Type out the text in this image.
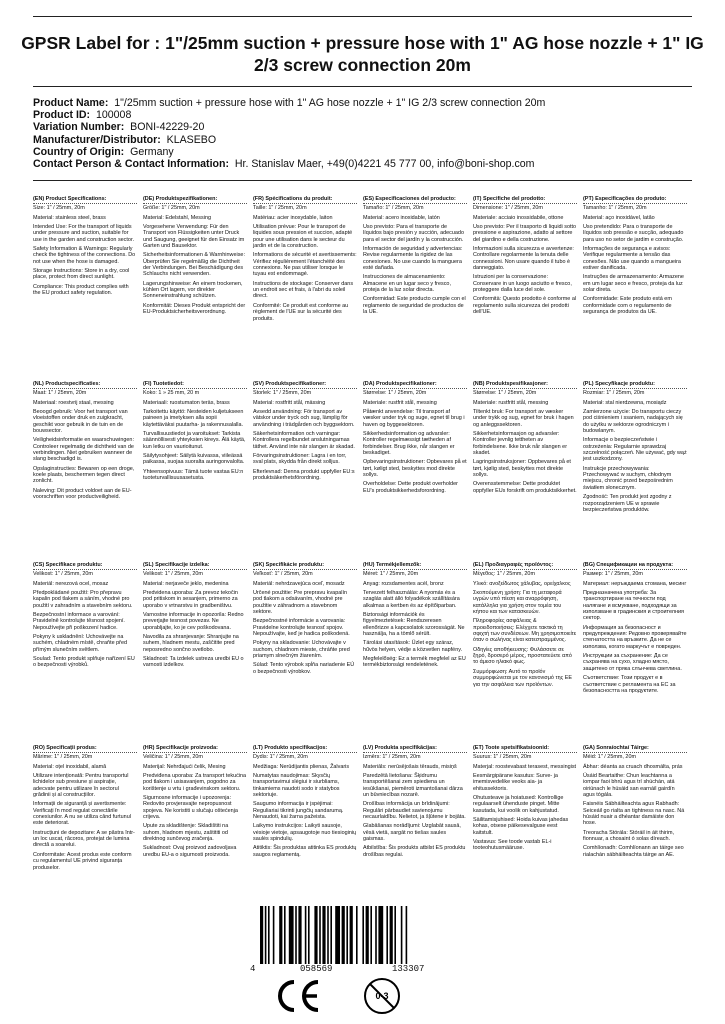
GPSR Label for : 1"/25mm suction + pressure hose with 1" AG hose nozzle + 1" IG 2/3 screw connection 20m
Product Name: 1"/25mm suction + pressure hose with 1" AG hose nozzle + 1" IG 2/3 screw connection 20m
Product ID: 100008
Variation Number: BONI-42229-20
Manufacturer/Distributor: KLASEBO
Country of Origin: Germany
Contact Person & Contact Information: Hr. Stanislav Maer, +49(0)4221 45 777 00, info@boni-shop.com
(EN) Product Specifications:

Size: 1" / 25mm, 20m

Material: stainless steel, brass

Intended Use: For the transport of liquids under pressure and suction, suitable for use in the garden and construction sector.

Safety Information & Warnings: Regularly check the tightness of the connections. Do not use when the hose is damaged.

Storage Instructions: Store in a dry, cool place, protect from direct sunlight.

Compliance: This product complies with the EU product safety regulation.

(DE) Produktspezifikationen:

Größe: 1" / 25mm, 20m

Material: Edelstahl, Messing

Vorgesehene Verwendung: Für den Transport von Flüssigkeiten unter Druck und Saugung, geeignet für den Einsatz im Garten und Bausektor.

Sicherheitsinformationen & Warnhinweise: Überprüfen Sie regelmäßig die Dichtheit der Verbindungen. Bei Beschädigung des Schlauchs nicht verwenden.

Lagerungshinweise: An einem trockenen, kühlen Ort lagern, vor direkter Sonneneinstrahlung schützen.

Konformität: Dieses Produkt entspricht der EU-Produktsicherheitsverordnung.

(FR) Spécifications du produit:

Taille: 1" / 25mm, 20m

Matériau: acier inoxydable, laiton

Utilisation prévue: Pour le transport de liquides sous pression et succion, adapté pour une utilisation dans le secteur du jardin et de la construction.

Informations de sécurité et avertissements: Vérifiez régulièrement l'étanchéité des connexions. Ne pas utiliser lorsque le tuyau est endommagé.

Instructions de stockage: Conserver dans un endroit sec et frais, à l'abri du soleil direct.

Conformité: Ce produit est conforme au règlement de l'UE sur la sécurité des produits.

(ES) Especificaciones del producto:

Tamaño: 1" / 25mm, 20m

Material: acero inoxidable, latón

Uso previsto: Para el transporte de líquidos bajo presión y succión, adecuado para el sector del jardín y la construcción.

Información de seguridad y advertencias: Revise regularmente la rigidez de las conexiones. No use cuando la manguera esté dañada.

Instrucciones de almacenamiento: Almacene en un lugar seco y fresco, proteja de la luz solar directa.

Conformidad: Este producto cumple con el reglamento de seguridad de productos de la UE.

(IT) Specifiche del prodotto:

Dimensione: 1" / 25mm, 20m

Materiale: acciaio inossidabile, ottone

Uso previsto: Per il trasporto di liquidi sotto pressione e aspirazione, adatto al settore del giardino e della costruzione.

Informazioni sulla sicurezza e avvertenze: Controllare regolarmente la tenuta delle connessioni. Non usare quando il tubo è danneggiato.

Istruzioni per la conservazione: Conservare in un luogo asciutto e fresco, proteggere dalla luce del sole.

Conformità: Questo prodotto è conforme al regolamento sulla sicurezza dei prodotti dell'UE.

(PT) Especificações do produto:

Tamanho: 1" / 25mm, 20m

Material: aço inoxidável, latão

Uso pretendido: Para o transporte de líquidos sob pressão e sucção, adequado para uso no setor de jardim e construção.

Informações de segurança e avisos: Verifique regularmente a tensão das conexões. Não use quando a mangueira estiver danificada.

Instruções de armazenamento: Armazene em um lugar seco e fresco, proteja da luz solar direta.

Conformidade: Este produto está em conformidade com o regulamento de segurança de produtos da UE.

(NL) Productspecificaties:

Maat: 1" / 25mm, 20m

Materiaal: roestvrij staal, messing

Beoogd gebruik: Voor het transport van vloeistoffen onder druk en zuigkracht, geschikt voor gebruik in de tuin en de bouwsector.

Veiligheidsinformatie en waarschuwingen: Controleer regelmatig de dichtheid van de verbindingen. Niet gebruiken wanneer de slang beschadigd is.

Opslaginstructies: Bewaren op een droge, koele plaats, beschermen tegen direct zonlicht.

Naleving: Dit product voldoet aan de EU-voorschriften voor productveiligheid.

(FI) Tuotetiedot:

Koko: 1 » 25 mm, 20 m

Materiaali: ruostumaton teräs, brass

Tarkoitettu käyttö: Nesteiden kuljetukseen paineen ja imetyksen alla sopii käytettäväksi puutarha- ja rakennusalalla.

Turvallisuustiedot ja varoitukset: Tarkista säännöllisesti yhteyksien kireys. Älä käytä, kun letku on vaurioitunut.

Säilytysohjeet: Säilytä kuivassa, viileässä paikassa, suojaa suoralta auringonvalolta.

Yhteensopivuus: Tämä tuote vastaa EU:n tuoteturvallisuusasetusta.

(SV) Produktspecifikationer:

Storlek: 1" / 25mm, 20m

Material: rostfritt stål, mässing

Avsedd användning: För transport av vätskor under tryck och sug, lämplig för användning i trädgården och byggsektorn.

Säkerhetsinformation och varningar: Kontrollera regelbundet anslutningarnas täthet. Använd inte när slangen är skadad.

Förvaringsinstruktioner: Lagra i en torr, sval plats, skydda från direkt solljus.

Efterlevnad: Denna produkt uppfyller EU:s produktsäkerhetsförordning.

(DA) Produktspecifikationer:

Størrelse: 1" / 25mm, 20m

Materiale: rustfrit stål, messing

Påtænkt anvendelse: Til transport af væsker under tryk og suge, egnet til brug i haven og byggesektoren.

Sikkerhedsinformation og advarsler: Kontroller regelmæssigt tætheden af forbindelser. Brug ikke, når slangen er beskadiget.

Opbevaringsinstruktioner: Opbevares på et tørt, køligt sted, beskyttes mod direkte sollys.

Overholdelse: Dette produkt overholder EU's produktsikkerhedsforordning.

(NB) Produktspesifikasjoner:

Størrelse: 1" / 25mm, 20m

Materiale: rustfritt stål, messing

Tiltenkt bruk: For transport av væsker under trykk og sug, egnet for bruk i hagen og anleggssektoren.

Sikkerhetsinformasjon og advarsler: Kontroller jevnlig tettheten av forbindelsene. Ikke bruk når slangen er skadet.

Lagringsinstruksjoner: Oppbevares på et tørt, kjølig sted, beskyttes mot direkte sollys.

Overensstemmelse: Dette produktet oppfyller EUs forskrift om produktsikkerhet.

(PL) Specyfikacje produktu:

Rozmiar: 1" / 25mm, 20m

Materiał: stal nierdzewna, mosiądz

Zamierzone użycie: Do transportu cieczy pod ciśnieniem i ssaniem, nadających się do użytku w sektorze ogrodniczym i budowlanym.

Informacje o bezpieczeństwie i ostrzeżenia: Regularnie sprawdzaj szczelność połączeń. Nie używać, gdy wąż jest uszkodzony.

Instrukcje przechowywania: Przechowywać w suchym, chłodnym miejscu, chronić przed bezpośrednim światłem słonecznym.

Zgodność: Ten produkt jest zgodny z rozporządzeniem UE w sprawie bezpieczeństwa produktów.

(CS) Specifikace produktu:

Velikost: 1" / 25mm, 20m

Materiál: nerezová ocel, mosaz

Předpokládané použití: Pro přepravu kapalin pod tlakem a sáním, vhodné pro použití v zahradním a stavebním sektoru.

Bezpečnostní informace a varování: Pravidelně kontrolujte těsnost spojení. Nepoužívejte při poškození hadice.

Pokyny k uskladnění: Uchovávejte na suchém, chladném místě, chraňte před přímým slunečním světlem.

Soulad: Tento produkt splňuje nařízení EU o bezpečnosti výrobků.

(SL) Specifikacije izdelka:

Velikost: 1" / 25mm, 20m

Material: nerjaveče jeklo, medenina

Predvidena uporaba: Za prevoz tekočin pod pritiskom in sesanjem, primerno za uporabo v vrtnarstvu in gradbeništvu.

Varnostne informacije in opozorila: Redno preverjajte tesnost povezav. Ne uporabljajte, ko je cev poškodovana.

Navodila za shranjevanje: Shranjujte na suhem, hladnem mestu, zaščitite pred neposredno sončno svetlobo.

Skladnost: Ta izdelek ustreza uredbi EU o varnosti izdelkov.

(SK) Špecifikácie produktu:

Veľkosť: 1" / 25mm, 20m

Materiál: nehrdzavejúca oceľ, mosadz

Určené použitie: Pre prepravu kvapalín pod tlakom a odsávaním, vhodné pre použitie v záhradnom a stavebnom sektore.

Bezpečnostné informácie a varovania: Pravidelne kontrolujte tesnosť spojov. Nepoužívajte, keď je hadica poškodená.

Pokyny na skladovanie: Uchovávajte v suchom, chladnom mieste, chráňte pred priamym slnečným žiarením.

Súlad: Tento výrobok spĺňa nariadenie EÚ o bezpečnosti výrobkov.

(HU) Termékjellemzők:

Méret: 1" / 25mm, 20m

Anyag: rozsdamentes acél, bronz

Tervezett felhasználás: A nyomás és a szaglás alatt álló folyadékok szállítására alkalmas a kertben és az építőiparban.

Biztonsági információk és figyelmeztetések: Rendszeresen ellenőrizze a kapcsolatok szorosságát. Ne használja, ha a tömlő sérült.

Tárolási utasítások: Üzlet egy száraz, hűvös helyen, védje a közvetlen napfény.

Megfelelőség: Ez a termék megfelel az EU termékbiztonsági rendeletének.

(EL) Προδιαγραφές προϊόντος:

Μέγεθος: 1" / 25mm, 20m

Υλικό: ανοξείδωτος χάλυβας, ορείχαλκος

Σκοπούμενη χρήση: Για τη μεταφορά υγρών υπό πίεση και αναρρόφηση, κατάλληλα για χρήση στον τομέα του κήπου και των κατασκευών.

Πληροφορίες ασφάλειας & προειδοποιήσεις: Ελέγχετε τακτικά τη σφιχτή των συνδέσεων. Μη χρησιμοποιείτε όταν ο σωλήνας είναι κατεστραμμένος.

Οδηγίες αποθήκευσης: Φυλάσσετε σε ξηρό, δροσερό μέρος, προστατεύετε από το άμεσο ηλιακό φως.

Συμμόρφωση: Αυτό το προϊόν συμμορφώνεται με τον κανονισμό της ΕΕ για την ασφάλεια των προϊόντων.

(BG) Спецификации на продукта:

Размер: 1" / 25mm, 20m

Материал: неръждаема стомана, месинг

Предназначена употреба: За транспортиране на течности под налягане и всмукване, подходящи за използване в градинския и строителния сектор.

Информация за безопасност и предупреждения: Редовно проверявайте стегнатостта на връзките. Да не се използва, когато маркучът е повреден.

Инструкции за съхранение: Да се съхранява на сухо, хладно място, защитено от пряка слънчева светлина.

Съответствие: Този продукт е в съответствие с регламента на ЕС за безопасността на продуктите.

(RO) Specificații produs:

Mărime: 1" / 25mm, 20m

Material: oțel inoxidabil, alamă

Utilizare intenționată: Pentru transportul lichidelor sub presiune și aspirație, adecvate pentru utilizare în sectorul grădinii și al construcțiilor.

Informații de siguranță și avertismente: Verificați în mod regulat conectările conexiunilor. A nu se utiliza când furtunul este deteriorat.

Instrucțiuni de depozitare: A se păstra într-un loc uscat, răcoros, protejat de lumina directă a soarelui.

Conformitate: Acest produs este conform cu regulamentul UE privind siguranța produselor.

(HR) Specifikacije proizvoda:

Veličina: 1" / 25mm, 20m

Materijal: Nehrđajući čelik, Mesing

Predviđena uporaba: Za transport tekućina pod tlakom i usisavanjem, pogodno za korištenje u vrtu i građevinskom sektoru.

Sigurnosne informacije i upozorenja: Redovito provjeravajte nepropusnost spojeva. Ne koristiti u slučaju oštećenja crijeva.

Upute za skladištenje: Skladištiti na suhom, hladnom mjestu, zaštititi od direktnog sunčevog zračenja.

Sukladnost: Ovaj proizvod zadovoljava uredbu EU-a o sigurnosti proizvoda.

(LT) Produkto specifikacijos:

Dydis: 1" / 25mm, 20m

Medžiaga: Nerūdijantis plienas, Žalvaris

Numatytas naudojimas: Skysčių transportavimui slėgiui ir siurbliams, tinkamiems naudoti sodo ir statybos sektoriuje.

Saugumo informacija ir įspėjimai: Reguliariai tikrinti jungčių sandarumą. Nenaudoti, kai žarna pažeista.

Laikymo instrukcijos: Laikyti sausoje, vėsioje vietoje, apsaugotoje nuo tiesioginių saulės spindulių.

Atitiktis: Šis produktas atitinka ES produktų saugos reglamentą.

(LV) Produkta specifikācijas:

Izmērs: 1" / 25mm, 20m

Materiāls: nerūsējošais tērauds, misiņš

Paredzētā lietošana: Šķidrumu transportēšanai zem spiediena un iesūkšanai, piemēroti izmantošanai dārza un būvniecības nozarē.

Drošības informācija un brīdinājumi: Regulāri pārbaudiet savienojumu necaurlaidību. Nelietot, ja šļūtene ir bojāta.

Glabāšanas norādījumi: Uzglabāt sausā, vēsā vietā, sargāt no tiešas saules gaismas.

Atbilstība: Šis produkts atbilst ES produktu drošības regulai.

(ET) Toote spetsifikatsioonid:

Suurus: 1" / 25mm, 20m

Materjal: roostevabast terasest, messingist

Eesmärgipärane kasutus: Surve- ja imemisvedelike veoks aia- ja ehitussektoris.

Ohutusteave ja hoiatused: Kontrollige regulaarselt ühenduste pinget. Mitte kasutada, kui voolik on kahjustatud.

Säilitamisjuhised: Hoida kuivas jahedas kohas, otsese päikesevalguse eest kaitstult.

Vastavus: See toode vastab EL-i tooteohutusmääruse.

(GA) Sonraíochtaí Táirge:

Méid: 1" / 25mm, 20m

Ábhar: déanta as cruach dhosmálta, prás

Úsáid Beartaithe: Chun leachtanna a iompar faoi bhrú agus trí shúchán, atá oiriúnach le húsáid san earnáil gairdín agus tógála.

Faisnéis Sábháilteachta agus Rabhadh: Seiceáil go rialta an tightness na nasc. Ná húsáid nuair a dhéantar damáiste don hose.

Treoracha Stórála: Stóráil in áit thirim, fionnuar, a chosaint ó solas díreach.

Comhlíonadh: Comhlíonann an táirge seo rialachán sábháilteachta táirge an AE.

4	058569	133307
0-3
